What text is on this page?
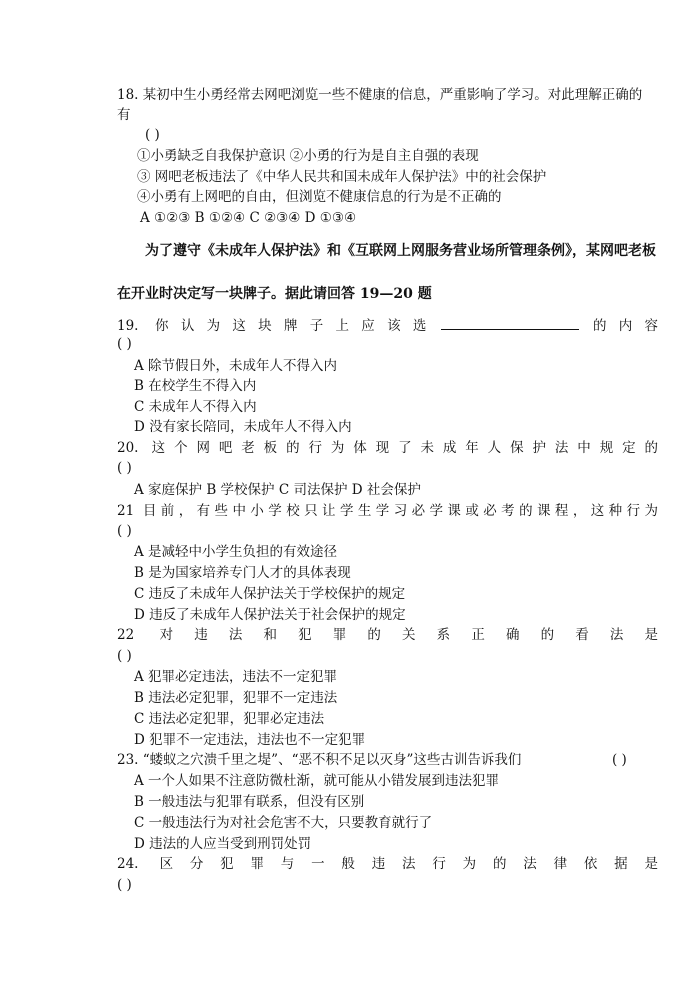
18. 某初中生小勇经常去网吧浏览一些不健康的信息，严重影响了学习。对此理解正确的
有
( )
①小勇缺乏自我保护意识 ②小勇的行为是自主自强的表现
③ 网吧老板违法了《中华人民共和国未成年人保护法》中的社会保护
④小勇有上网吧的自由，但浏览不健康信息的行为是不正确的
A ①②③ B ①②④ C ②③④ D ①③④
为了遵守《未成年人保护法》和《互联网上网服务营业场所管理条例》，某网吧老板
在开业时决定写一块牌子。据此请回答 19—20 题
19. 你认为这块牌子上应该选	的内容
( )
A 除节假日外，未成年人不得入内
B 在校学生不得入内
C 未成年人不得入内
D 没有家长陪同，未成年人不得入内
20. 这个网吧老板的行为体现了未成年人保护法中规定的
( )
A 家庭保护 B 学校保护 C 司法保护 D 社会保护
21 目前，有些中小学校只让学生学习必学课或必考的课程，这种行为
( )
A 是减轻中小学生负担的有效途径
B 是为国家培养专门人才的具体表现
C 违反了未成年人保护法关于学校保护的规定
D 违反了未成年人保护法关于社会保护的规定
22 对违法和犯罪的关系正确的看法是
( )
A 犯罪必定违法，违法不一定犯罪
B 违法必定犯罪，犯罪不一定违法
C 违法必定犯罪，犯罪必定违法
D 犯罪不一定违法，违法也不一定犯罪
23. “蝼蚁之穴溃千里之堤”、“恶不积不足以灭身”这些古训告诉我们	( )
A 一个人如果不注意防微杜渐，就可能从小错发展到违法犯罪
B 一般违法与犯罪有联系，但没有区别
C 一般违法行为对社会危害不大，只要教育就行了
D 违法的人应当受到刑罚处罚
24. 区分犯罪与一般违法行为的法律依据是
( )
